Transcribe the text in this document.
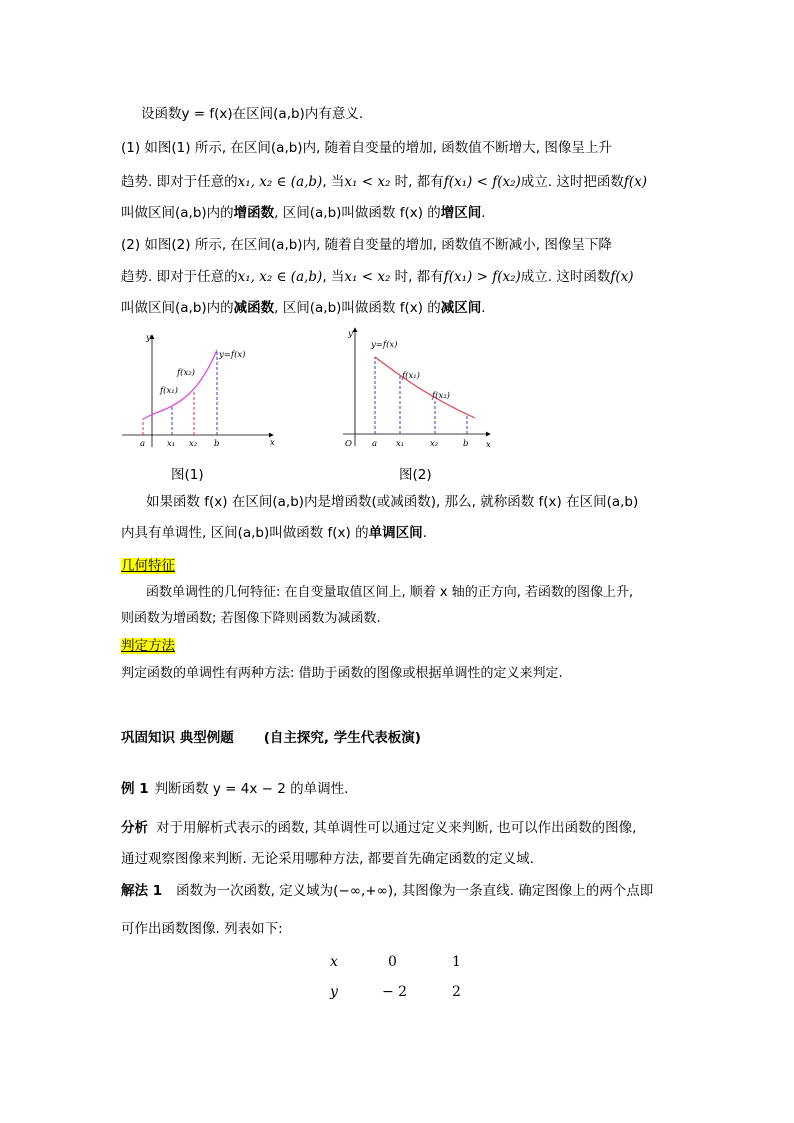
设函数y = f(x)在区间(a,b)内有意义.
(1) 如图(1) 所示, 在区间(a,b)内, 随着自变量的增加, 函数值不断增大, 图像呈上升
趋势. 即对于任意的x₁, x₂ ∈ (a,b), 当x₁ < x₂ 时, 都有f(x₁) < f(x₂)成立. 这时把函数f(x)
叫做区间(a,b)内的增函数, 区间(a,b)叫做函数 f(x) 的增区间.
(2) 如图(2) 所示, 在区间(a,b)内, 随着自变量的增加, 函数值不断减小, 图像呈下降
趋势. 即对于任意的x₁, x₂ ∈ (a,b), 当x₁ < x₂ 时, 都有f(x₁) > f(x₂)成立. 这时函数f(x)
叫做区间(a,b)内的减函数, 区间(a,b)叫做函数 f(x) 的减区间.
y
x
a	x₁ x₂ b
f(x₁)
f(x₂)
y=f(x)
图(1)
y
x
O a x₁	x₂	b
f(x₁)
f(x₂)
y=f(x)
图(2)
如果函数 f(x) 在区间(a,b)内是增函数(或减函数), 那么, 就称函数 f(x) 在区间(a,b)
内具有单调性, 区间(a,b)叫做函数 f(x) 的单调区间.
几何特征
函数单调性的几何特征: 在自变量取值区间上, 顺着 x 轴的正方向, 若函数的图像上升,
则函数为增函数; 若图像下降则函数为减函数.
判定方法
判定函数的单调性有两种方法: 借助于函数的图像或根据单调性的定义来判定.
巩固知识 典型例题 (自主探究, 学生代表板演)
例 1 判断函数 y = 4x − 2 的单调性.
分析 对于用解析式表示的函数, 其单调性可以通过定义来判断, 也可以作出函数的图像,
通过观察图像来判断. 无论采用哪种方法, 都要首先确定函数的定义域.
解法 1 函数为一次函数, 定义域为(−∞,+∞), 其图像为一条直线. 确定图像上的两个点即
可作出函数图像. 列表如下:
x	0	1
y	− 2	2
